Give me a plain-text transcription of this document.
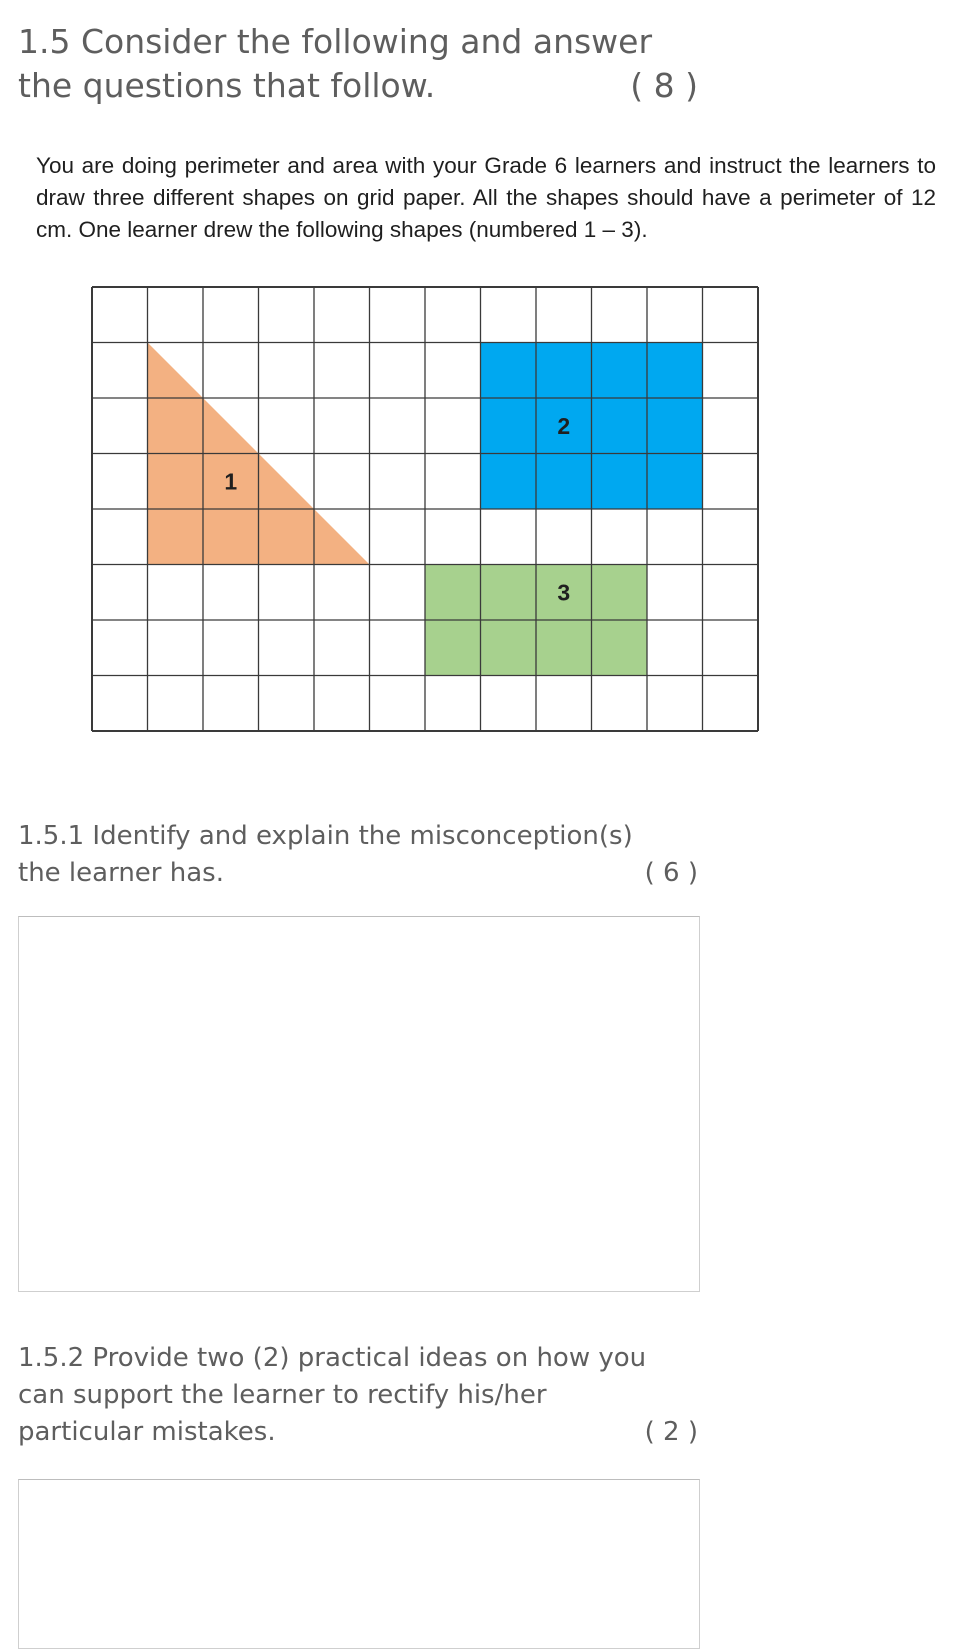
1.5 Consider the following and answer
the questions that follow.	( 8 )
You are doing perimeter and area with your Grade 6 learners and instruct the learners to draw three different shapes on grid paper. All the shapes should have a perimeter of 12 cm. One learner drew the following shapes (numbered 1 – 3).
1
2
3
1.5.1 Identify and explain the misconception(s)
the learner has.	( 6 )
1.5.2 Provide two (2) practical ideas on how you
can support the learner to rectify his/her
particular mistakes.	( 2 )
